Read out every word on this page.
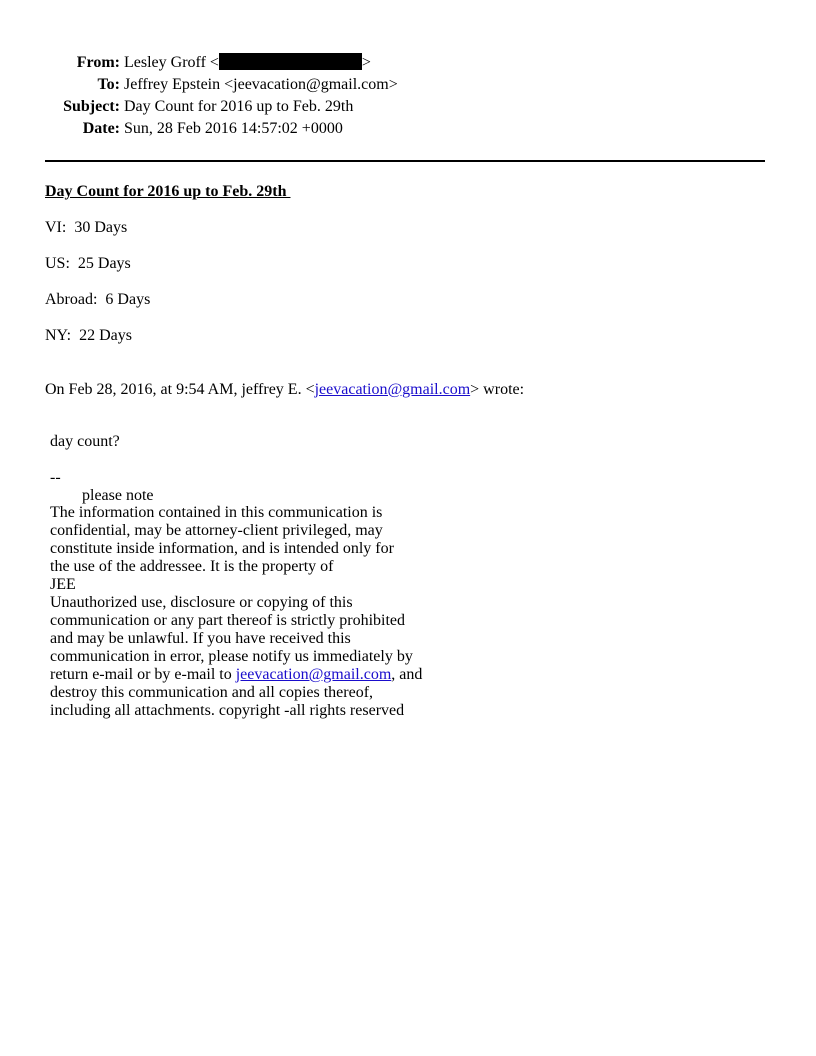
From: Lesley Groff <	>
To: Jeffrey Epstein <jeevacation@gmail.com>
Subject: Day Count for 2016 up to Feb. 29th
Date: Sun, 28 Feb 2016 14:57:02 +0000
Day Count for 2016 up to Feb. 29th
VI:  30 Days
US:  25 Days
Abroad:  6 Days
NY:  22 Days
On Feb 28, 2016, at 9:54 AM, jeffrey E. <jeevacation@gmail.com> wrote:
day count?
--
please note
The information contained in this communication is
confidential, may be attorney-client privileged, may
constitute inside information, and is intended only for
the use of the addressee. It is the property of
JEE
Unauthorized use, disclosure or copying of this
communication or any part thereof is strictly prohibited
and may be unlawful. If you have received this
communication in error, please notify us immediately by
return e-mail or by e-mail to jeevacation@gmail.com, and
destroy this communication and all copies thereof,
including all attachments. copyright -all rights reserved
